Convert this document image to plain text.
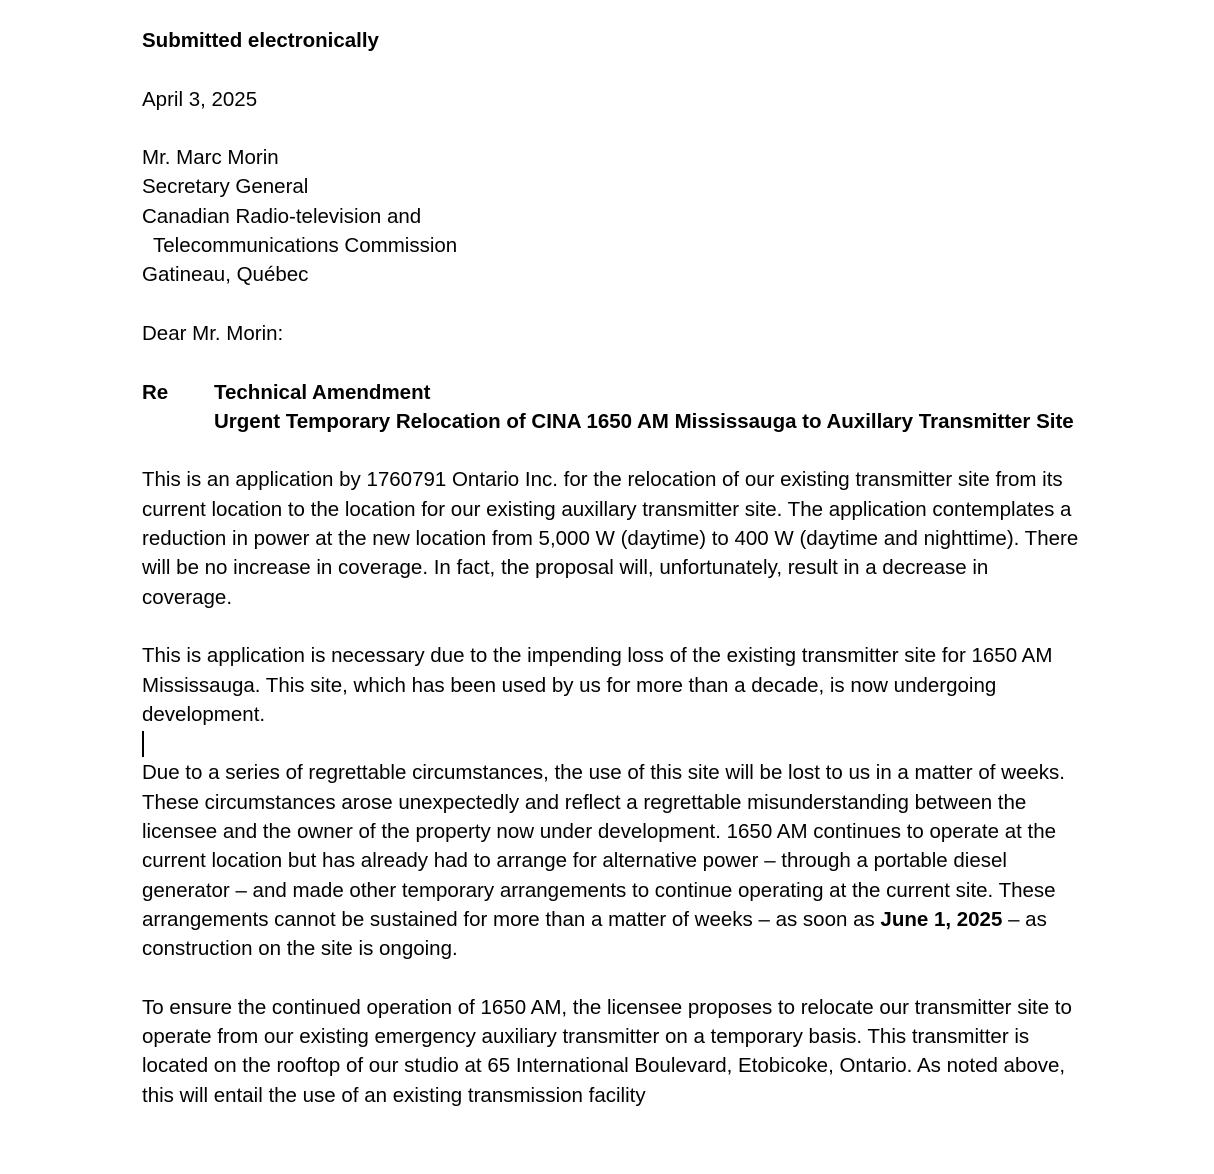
Submitted electronically

April 3, 2025

Mr. Marc Morin

Secretary General

Canadian Radio-television and

Telecommunications Commission

Gatineau, Québec

Dear Mr. Morin:

Re	Technical Amendment

Urgent Temporary Relocation of CINA 1650 AM Mississauga to Auxillary Transmitter Site

This is an application by 1760791 Ontario Inc. for the relocation of our existing transmitter site from its current location to the location for our existing auxillary transmitter site. The application contemplates a reduction in power at the new location from 5,000 W (daytime) to 400 W (daytime and nighttime). There will be no increase in coverage. In fact, the proposal will, unfortunately, result in a decrease in coverage.

This is application is necessary due to the impending loss of the existing transmitter site for 1650 AM Mississauga. This site, which has been used by us for more than a decade, is now undergoing development.

Due to a series of regrettable circumstances, the use of this site will be lost to us in a matter of weeks. These circumstances arose unexpectedly and reflect a regrettable misunderstanding between the licensee and the owner of the property now under development. 1650 AM continues to operate at the current location but has already had to arrange for alternative power – through a portable diesel generator – and made other temporary arrangements to continue operating at the current site. These arrangements cannot be sustained for more than a matter of weeks – as soon as June 1, 2025 – as construction on the site is ongoing.

To ensure the continued operation of 1650 AM, the licensee proposes to relocate our transmitter site to operate from our existing emergency auxiliary transmitter on a temporary basis. This transmitter is located on the rooftop of our studio at 65 International Boulevard, Etobicoke, Ontario. As noted above, this will entail the use of an existing transmission facility
